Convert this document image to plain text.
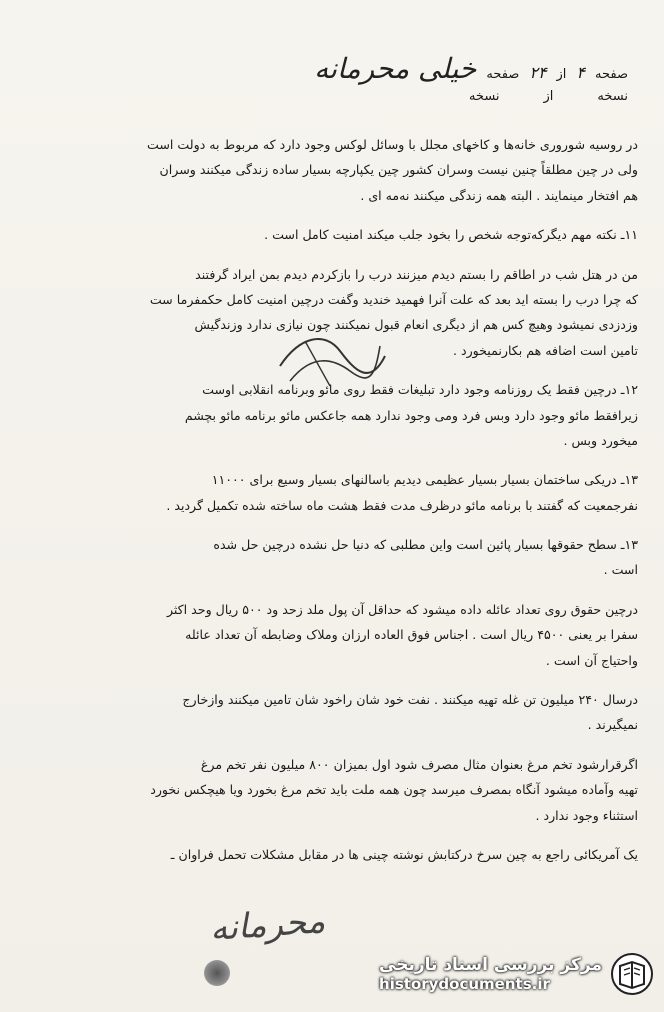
صفحه
۴
از
۲۴
صفحه
خیلی محرمانه
نسخه
از
نسخه
در روسیه شوروری خانه‌ها و کاخهای مجلل با وسائل لوکس وجود دارد که مربوط به دولت است
ولی در چین مطلقاً چنین نیست وسران کشور چین یکپارچه بسیار ساده زندگی میکنند وسران
هم افتخار مینمایند . البته همه زندگی میکنند نه‌مه ای .
۱۱ـ نکته مهم دیگرکه‌توجه شخص را بخود جلب میکند امنیت کامل است .
من در هتل شب در اطاقم را بستم دیدم میزنند درب را بازکردم دیدم بمن ایراد گرفتند
که چرا درب را بسته اید بعد که علت آنرا فهمید خندید وگفت درچین امنیت کامل حکمفرما ست
وزدزدی نمیشود وهیچ کس هم از دیگری انعام قبول نمیکنند چون نیازی ندارد وزندگیش
تامین است اضافه هم بکارنمیخورد .
۱۲ـ درچین فقط یک روزنامه وجود دارد تبلیغات فقط روی مائو وبرنامه انقلابی اوست
زیرافقط مائو وجود دارد وبس فرد ومی وجود ندارد همه جاعکس مائو برنامه مائو بچشم
میخورد وبس .
۱۳ـ دریکی ساختمان بسیار بسیار عظیمی دیدیم باسالنهای بسیار وسیع برای ۱۱۰۰۰
نفرجمعیت که گفتند با برنامه مائو درظرف مدت فقط هشت ماه ساخته شده تکمیل گردید .
۱۳ـ سطح حقوقها بسیار پائین است واین مطلبی که دنیا حل نشده درچین حل شده
است .
درچین حقوق روی تعداد عائله داده میشود که حداقل آن پول ملد زحد ود ۵۰۰ ریال وحد اکثر
سفرا بر یعنی ۴۵۰۰ ریال است . اجناس فوق العاده ارزان وملاک وضابطه آن تعداد عائله
واحتیاج آن است .
درسال ۲۴۰ میلیون تن غله تهیه میکنند . نفت خود شان راخود شان تامین میکنند وازخارج
نمیگیرند .
اگرقرارشود تخم مرغ بعنوان مثال مصرف شود اول بمیزان ۸۰۰ میلیون نفر تخم مرغ
تهیه وآماده میشود آنگاه بمصرف میرسد چون همه ملت باید تخم مرغ بخورد ویا هیچکس نخورد
استثناء وجود ندارد .
یک آمریکائی راجع به چین سرخ درکتابش نوشته چینی ها در مقابل مشکلات تحمل فراوان ـ
محرمانه
مرکز بررسی اسناد تاریخی
historydocuments.ir
